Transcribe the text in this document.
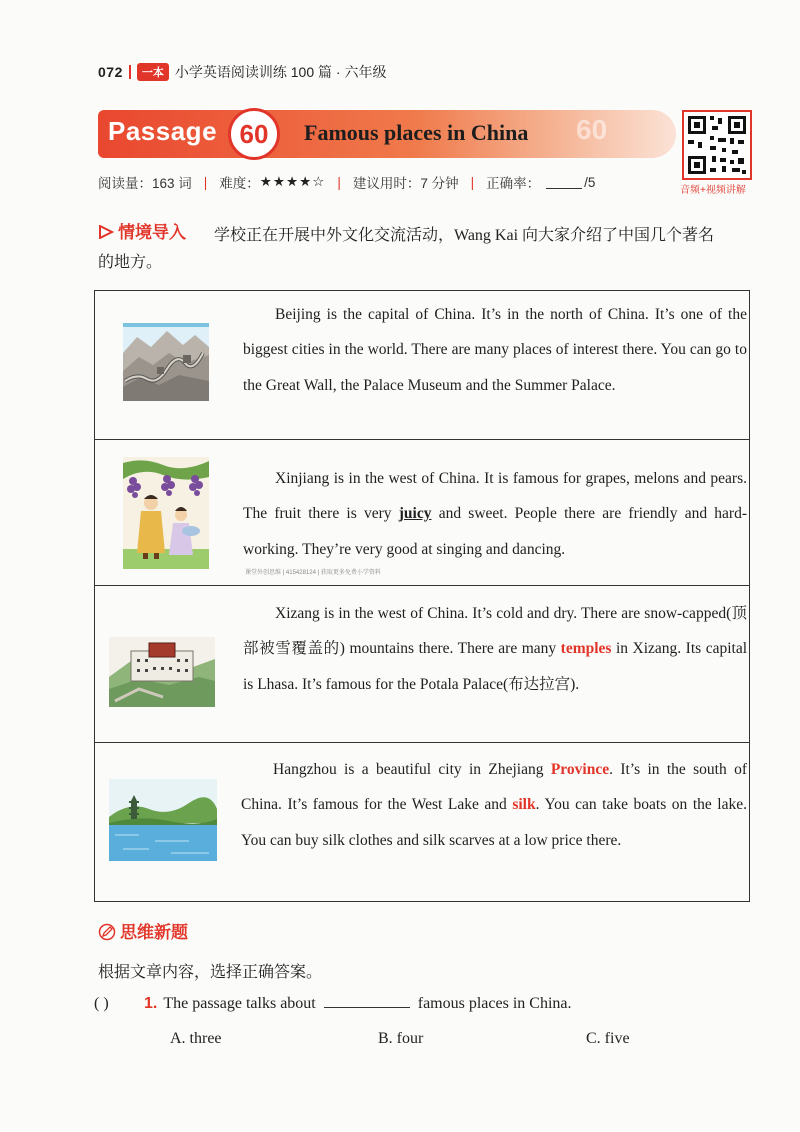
072	一本 小学英语阅读训练 100 篇 · 六年级
Passage 60 Famous places in China 60
音频+视频讲解
阅读量：163 词 | 难度： ★★★★☆ | 建议用时：7 分钟 | 正确率：	/5
情境导入 学校正在开展中外文化交流活动，Wang Kai 向大家介绍了中国几个著名
的地方。
Beijing is the capital of China. It’s in the north of China. It’s one of the biggest cities in the world. There are many places of interest there. You can go to the Great Wall, the Palace Museum and the Summer Palace.
Xinjiang is in the west of China. It is famous for grapes, melons and pears. The fruit there is very juicy and sweet. People there are friendly and hard-working. They’re very good at singing and dancing.
课堂外创思维 | 415428124 | 获取更多免费小学资料
Xizang is in the west of China. It’s cold and dry. There are snow-capped(顶部被雪覆盖的) mountains there. There are many temples in Xizang. Its capital is Lhasa. It’s famous for the Potala Palace(布达拉宫).
Hangzhou is a beautiful city in Zhejiang Province. It’s in the south of China. It’s famous for the West Lake and silk. You can take boats on the lake. You can buy silk clothes and silk scarves at a low price there.
思维新题
根据文章内容，选择正确答案。
( )	1. The passage talks about	famous places in China.
A. three	B. four	C. five
